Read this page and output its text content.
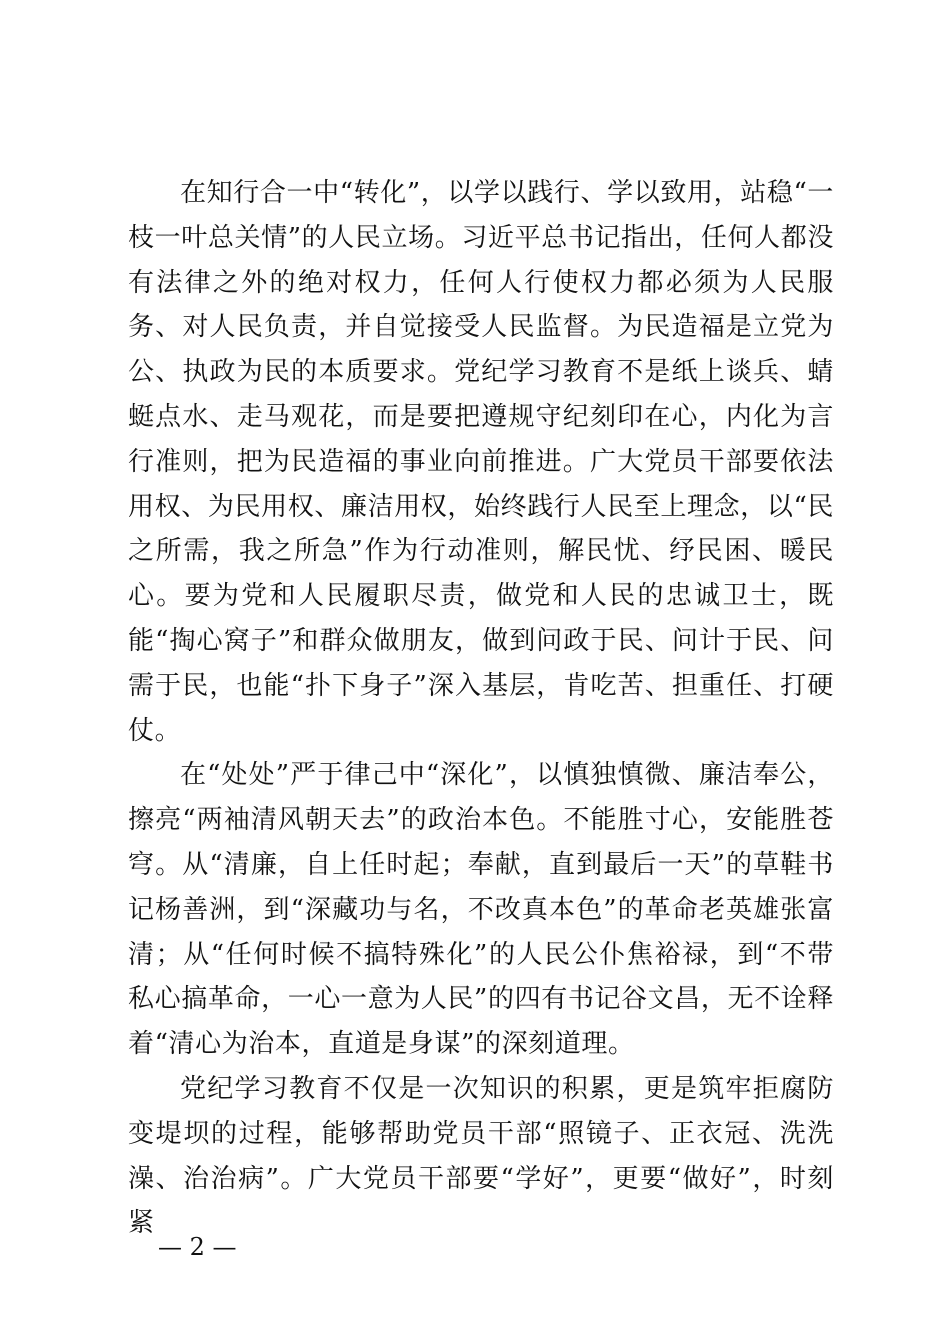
在知行合一中“转化”，以学以践行、学以致用，站稳“一枝一叶总关情”的人民立场。习近平总书记指出，任何人都没有法律之外的绝对权力，任何人行使权力都必须为人民服务、对人民负责，并自觉接受人民监督。为民造福是立党为公、执政为民的本质要求。党纪学习教育不是纸上谈兵、蜻蜓点水、走马观花，而是要把遵规守纪刻印在心，内化为言行准则，把为民造福的事业向前推进。广大党员干部要依法用权、为民用权、廉洁用权，始终践行人民至上理念，以“民之所需，我之所急”作为行动准则，解民忧、纾民困、暖民心。要为党和人民履职尽责，做党和人民的忠诚卫士，既能“掏心窝子”和群众做朋友，做到问政于民、问计于民、问需于民，也能“扑下身子”深入基层，肯吃苦、担重任、打硬仗。

在“处处”严于律己中“深化”，以慎独慎微、廉洁奉公，擦亮“两袖清风朝天去”的政治本色。不能胜寸心，安能胜苍穹。从“清廉，自上任时起；奉献，直到最后一天”的草鞋书记杨善洲，到“深藏功与名，不改真本色”的革命老英雄张富清；从“任何时候不搞特殊化”的人民公仆焦裕禄，到“不带私心搞革命，一心一意为人民”的四有书记谷文昌，无不诠释着“清心为治本，直道是身谋”的深刻道理。

党纪学习教育不仅是一次知识的积累，更是筑牢拒腐防变堤坝的过程，能够帮助党员干部“照镜子、正衣冠、洗洗澡、治治病”。广大党员干部要“学好”，更要“做好”，时刻紧

— 2 —
